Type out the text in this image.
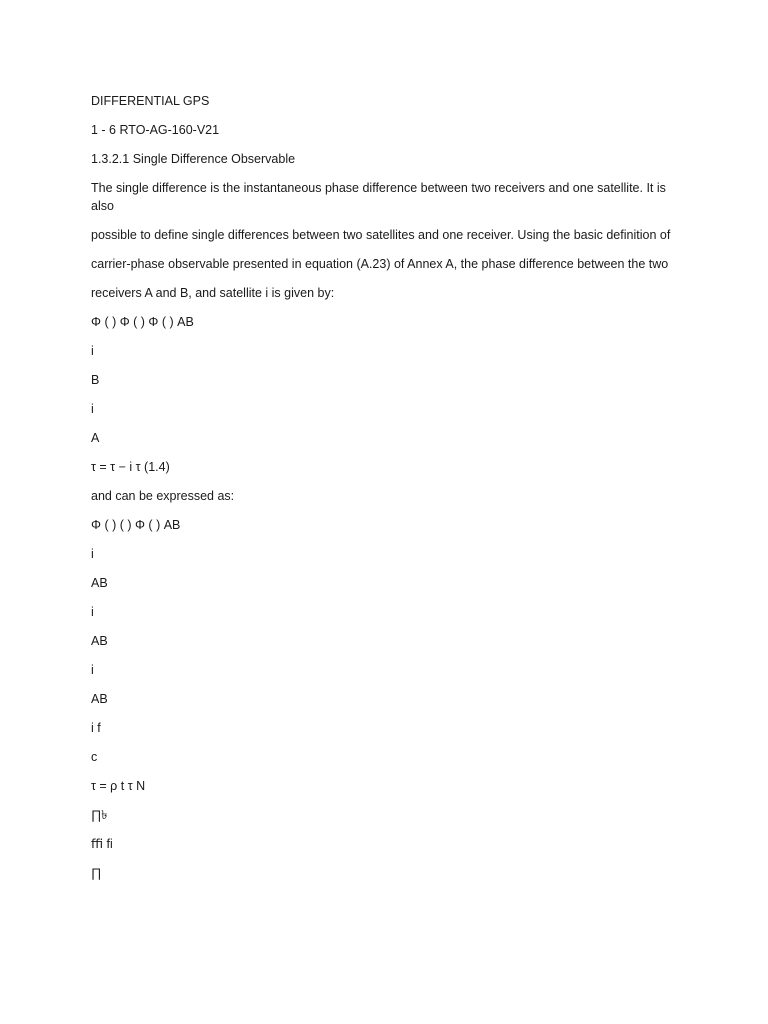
DIFFERENTIAL GPS

1 - 6 RTO-AG-160-V21

1.3.2.1 Single Difference Observable

The single difference is the instantaneous phase difference between two receivers and one satellite. It is also

possible to define single differences between two satellites and one receiver. Using the basic definition of

carrier-phase observable presented in equation (A.23) of Annex A, the phase difference between the two

receivers A and B, and satellite i is given by:

Φ ( ) Φ ( ) Φ ( ) AB

i

B

i

A

τ = τ − i τ (1.4)

and can be expressed as:

Φ ( ) ( ) Φ ( ) AB

i

AB

i

AB

i

AB

i f

c

τ = ρ t τ N

∏৳

ﬃ ﬁ

∏
